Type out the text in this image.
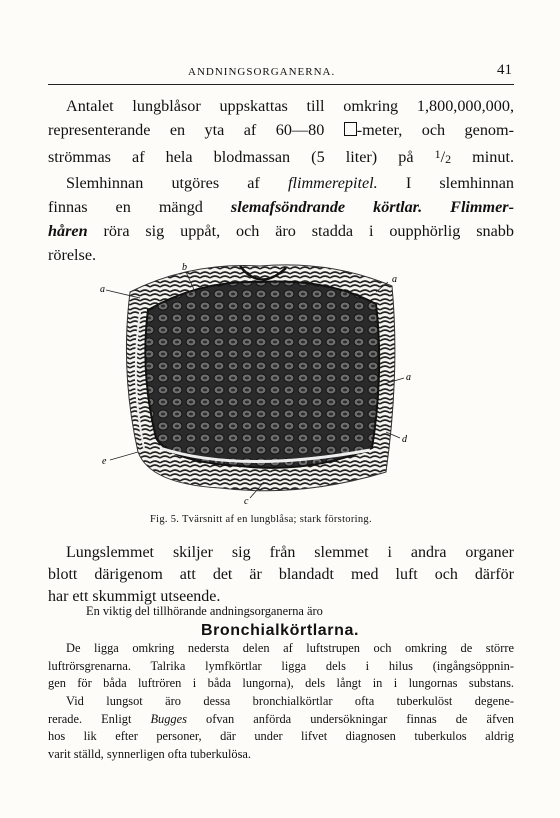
ANDNINGSORGANERNA.	41

Antalet lungblåsor uppskattas till omkring 1,800,000,000,
representerande en yta af 60—80 -meter, och genom-
strömmas af hela blodmassan (5 liter) på $^1$/2 minut.
Slemhinnan utgöres af flimmerepitel. I slemhinnan
finnas en mängd slemafsöndrande körtlar. Flimmer-
håren röra sig uppåt, och äro stadda i oupphörlig snabb
rörelse.

a
b
a
a
d
e
c
Fig. 5. Tvärsnitt af en lungblåsa; stark förstoring.

Lungslemmet skiljer sig från slemmet i andra organer
blott därigenom att det är blandadt med luft och därför
har ett skummigt utseende.

En viktig del tillhörande andningsorganerna äro
Bronchialkörtlarna.

De ligga omkring nedersta delen af luftstrupen och omkring de större
luftrörsgrenarna. Talrika lymfkörtlar ligga dels i hilus (ingångsöppnin-
gen för båda luftrören i båda lungorna), dels långt in i lungornas substans.

Vid lungsot äro dessa bronchialkörtlar ofta tuberkulöst degene-
rerade. Enligt Bugges ofvan anförda undersökningar finnas de äfven
hos lik efter personer, där under lifvet diagnosen tuberkulos aldrig
varit ställd, synnerligen ofta tuberkulösa.
